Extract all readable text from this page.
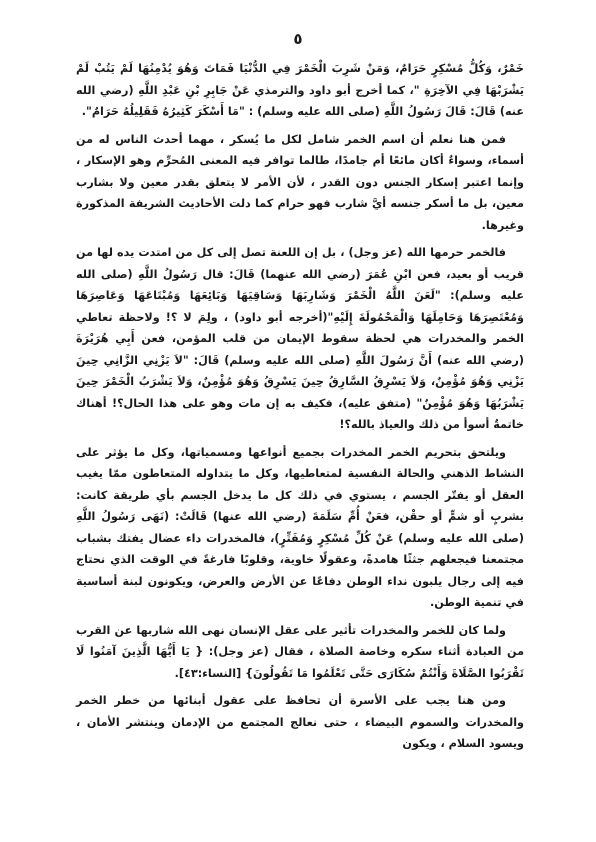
٥

خَمْرٌ، وَكُلُّ مُسْكِرٍ حَرَامٌ، وَمَنْ شَرِبَ الْخَمْرَ فِي الدُّنْيَا فَمَاتَ وَهُوَ يُدْمِنُهَا لَمْ يَتُبْ لَمْ يَشْرَبْهَا فِي الآخِرَةِ "، كما أخرج أبو داود والترمذي عَنْ جَابِرِ بْنِ عَبْدِ اللَّهِ (رضي الله عنه) قَالَ: قَالَ رَسُولُ اللَّهِ (صلى الله عليه وسلم) : "مَا أَسْكَرَ كَثِيرُهُ فَقَلِيلُهُ حَرَامٌ".

فمن هنا نعلم أن اسم الخمر شامل لكل ما يُسكر ، مهما أحدث الناس له من أسماء، وسواءٌ أكان مائعًا أم جامدًا، طالما توافر فيه المعنى المُحرِّم وهو الإسكار ، وإنما اعتبر إسكار الجنس دون القدر ، لأن الأمر لا يتعلق بقدر معين ولا بشارب معين، بل ما أسكر جنسه أيَّ شارب فهو حرام كما دلت الأحاديث الشريفة المذكورة وغيرها.

فالخمر حرمها الله (عز وجل) ، بل إن اللعنة تصل إلى كل من امتدت يده لها من قريب أو بعيد، فعن ابْنِ عُمَرَ (رضي الله عنهما) قَالَ: قال رَسُولُ اللَّهِ (صلى الله عليه وسلم): "لَعَنَ اللَّهُ الْخَمْرَ وَشَارِبَهَا وَسَاقِيَهَا وَبَائِعَهَا وَمُبْتَاعَهَا وَعَاصِرَهَا وَمُعْتَصِرَهَا وَحَامِلَهَا وَالْمَحْمُولَةَ إِلَيْهِ"(أخرجه أبو داود) ، ولِمَ لا ؟! ولاحظة تعاطي الخمر والمخدرات هي لحظة سقوط الإيمان من قلب المؤمن، فعن أَبِي هُرَيْرَةَ (رضي الله عنه) أَنَّ رَسُولَ اللَّهِ (صلى الله عليه وسلم) قَالَ: "لاَ يَزْنِي الزَّانِي حِينَ يَزْنِي وَهُوَ مُؤْمِنٌ، وَلاَ يَسْرِقُ السَّارِقُ حِينَ يَسْرِقُ وَهُوَ مُؤْمِنٌ، وَلاَ يَشْرَبُ الْخَمْرَ حِينَ يَشْرَبُهَا وَهُوَ مُؤْمِنٌ" (متفق عليه)، فكيف به إن مات وهو على هذا الحال؟! أهناك خاتمةٌ أسوأ من ذلك والعياذ بالله؟!

ويلتحق بتحريم الخمر المخدرات بجميع أنواعها ومسمياتها، وكل ما يؤثر على النشاط الذهني والحالة النفسية لمتعاطيها، وكل ما يتداوله المتعاطون ممّا يغيب العقل أو يفتّر الجسم ، يستوي في ذلك كل ما يدخل الجسم بأي طريقة كانت: بشربٍ أو شمٍّ أو حقْن، فعَنْ أُمِّ سَلَمَةَ (رضي الله عنها) قَالَتْ: (نَهَى رَسُولُ اللَّهِ (صلى الله عليه وسلم) عَنْ كُلِّ مُسْكِرٍ وَمُفَتِّرٍ)، فالمخدرات داء عضال يفتك بشباب مجتمعنا فيجعلهم جثثًا هامدةً، وعقولًا خاوية، وقلوبًا فارغةً في الوقت الذي نحتاج فيه إلى رجال يلبون نداء الوطن دفاعًا عن الأرض والعرض، ويكونون لبنة أساسية في تنمية الوطن.

ولما كان للخمر والمخدرات تأثير على عقل الإنسان نهى الله شاربها عن القرب من العبادة أثناء سكره وخاصة الصلاة ، فقال (عز وجل): { يَا أَيُّهَا الَّذِينَ آمَنُوا لَا تَقْرَبُوا الصَّلَاةَ وَأَنْتُمْ سُكَارَى حَتَّى تَعْلَمُوا مَا تَقُولُونَ} [النساء:٤٣].

ومن هنا يجب على الأسرة أن تحافظ على عقول أبنائها من خطر الخمر والمخدرات والسموم البيضاء ، حتى نعالج المجتمع من الإدمان وينتشر الأمان ، ويسود السلام ، ويكون
